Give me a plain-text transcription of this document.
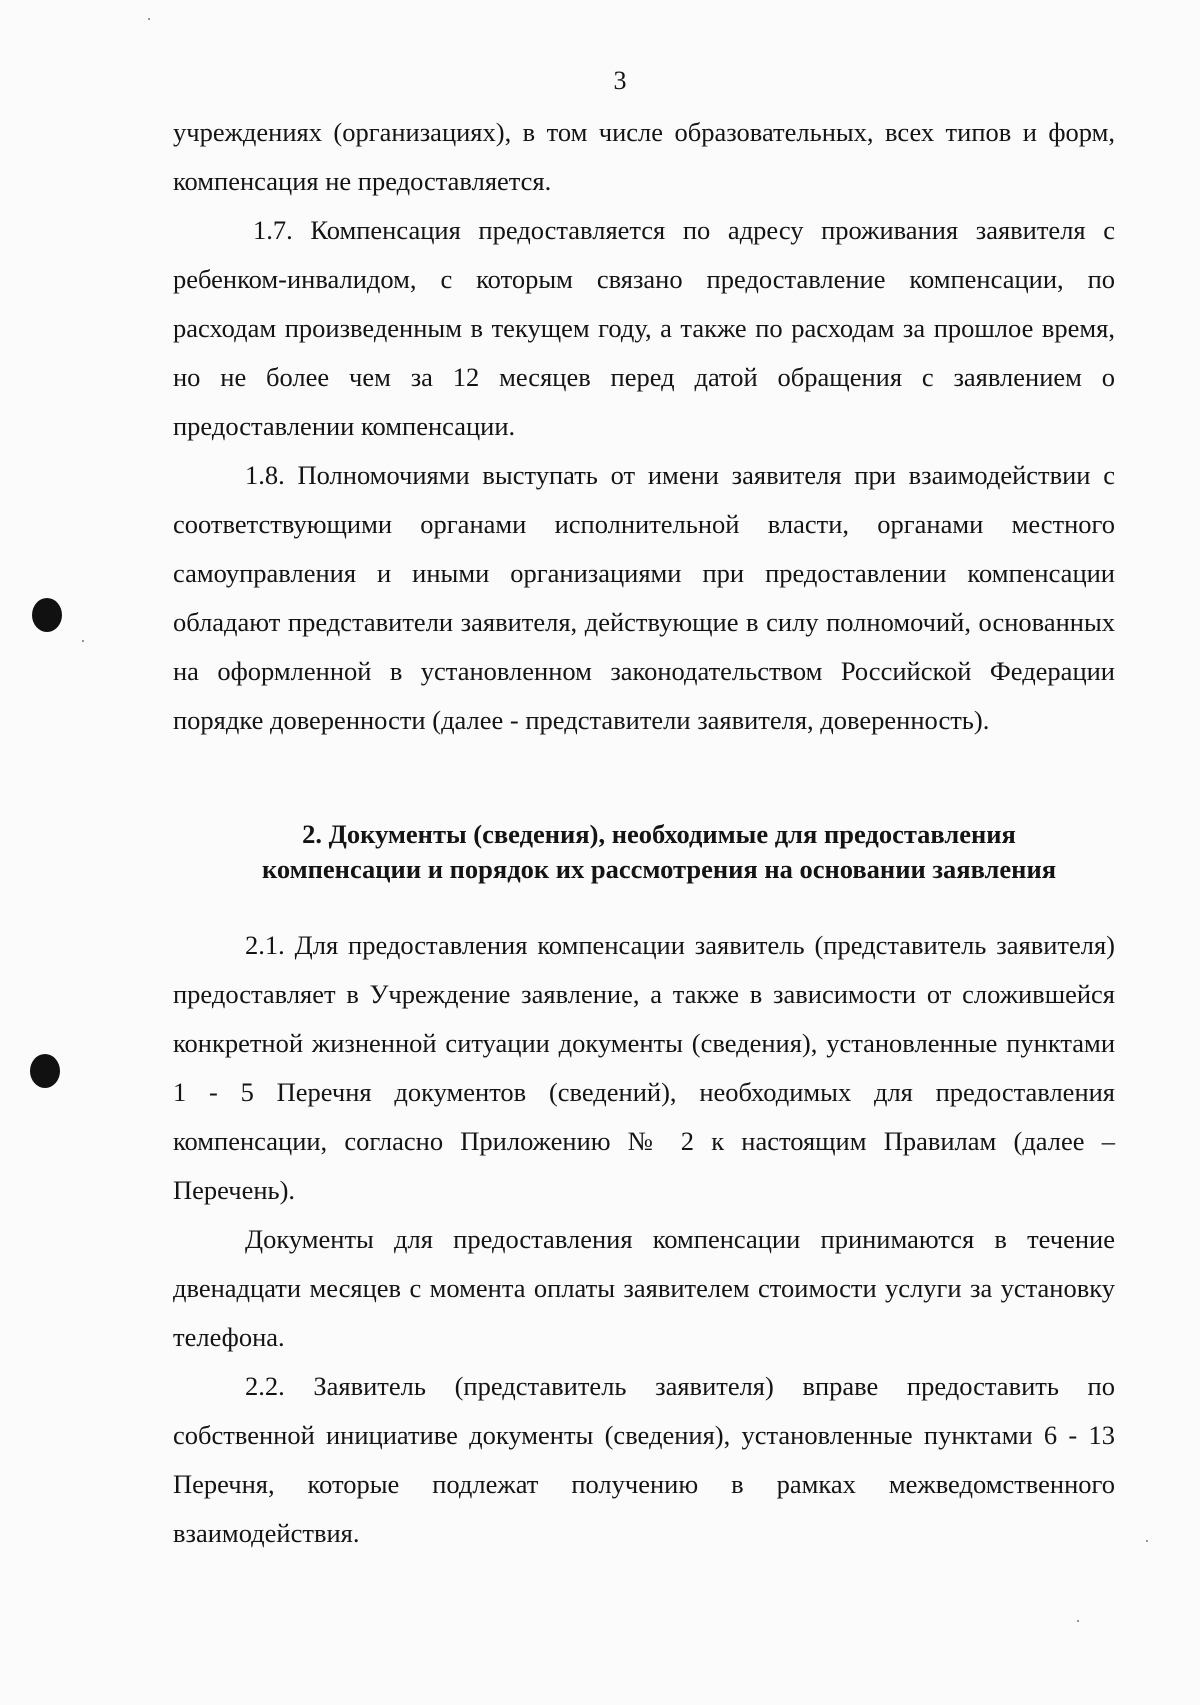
3

учреждениях (организациях), в том числе образовательных, всех типов и форм, компенсация не предоставляется.

1.7. Компенсация предоставляется по адресу проживания заявителя с ребенком-инвалидом, с которым связано предоставление компенсации, по расходам произведенным в текущем году, а также по расходам за прошлое время, но не более чем за 12 месяцев перед датой обращения с заявлением о предоставлении компенсации.

1.8. Полномочиями выступать от имени заявителя при взаимодействии с соответствующими органами исполнительной власти, органами местного самоуправления и иными организациями при предоставлении компенсации обладают представители заявителя, действующие в силу полномочий, основанных на оформленной в установленном законодательством Российской Федерации порядке доверенности (далее - представители заявителя, доверенность).

2. Документы (сведения), необходимые для предоставления
компенсации и порядок их рассмотрения на основании заявления

2.1. Для предоставления компенсации заявитель (представитель заявителя) предоставляет в Учреждение заявление, а также в зависимости от сложившейся конкретной жизненной ситуации документы (сведения), установленные пунктами 1 - 5 Перечня документов (сведений), необходимых для предоставления компенсации, согласно Приложению № 2 к настоящим Правилам (далее – Перечень).

Документы для предоставления компенсации принимаются в течение двенадцати месяцев с момента оплаты заявителем стоимости услуги за установку телефона.

2.2. Заявитель (представитель заявителя) вправе предоставить по собственной инициативе документы (сведения), установленные пунктами 6 - 13 Перечня, которые подлежат получению в рамках межведомственного взаимодействия.
